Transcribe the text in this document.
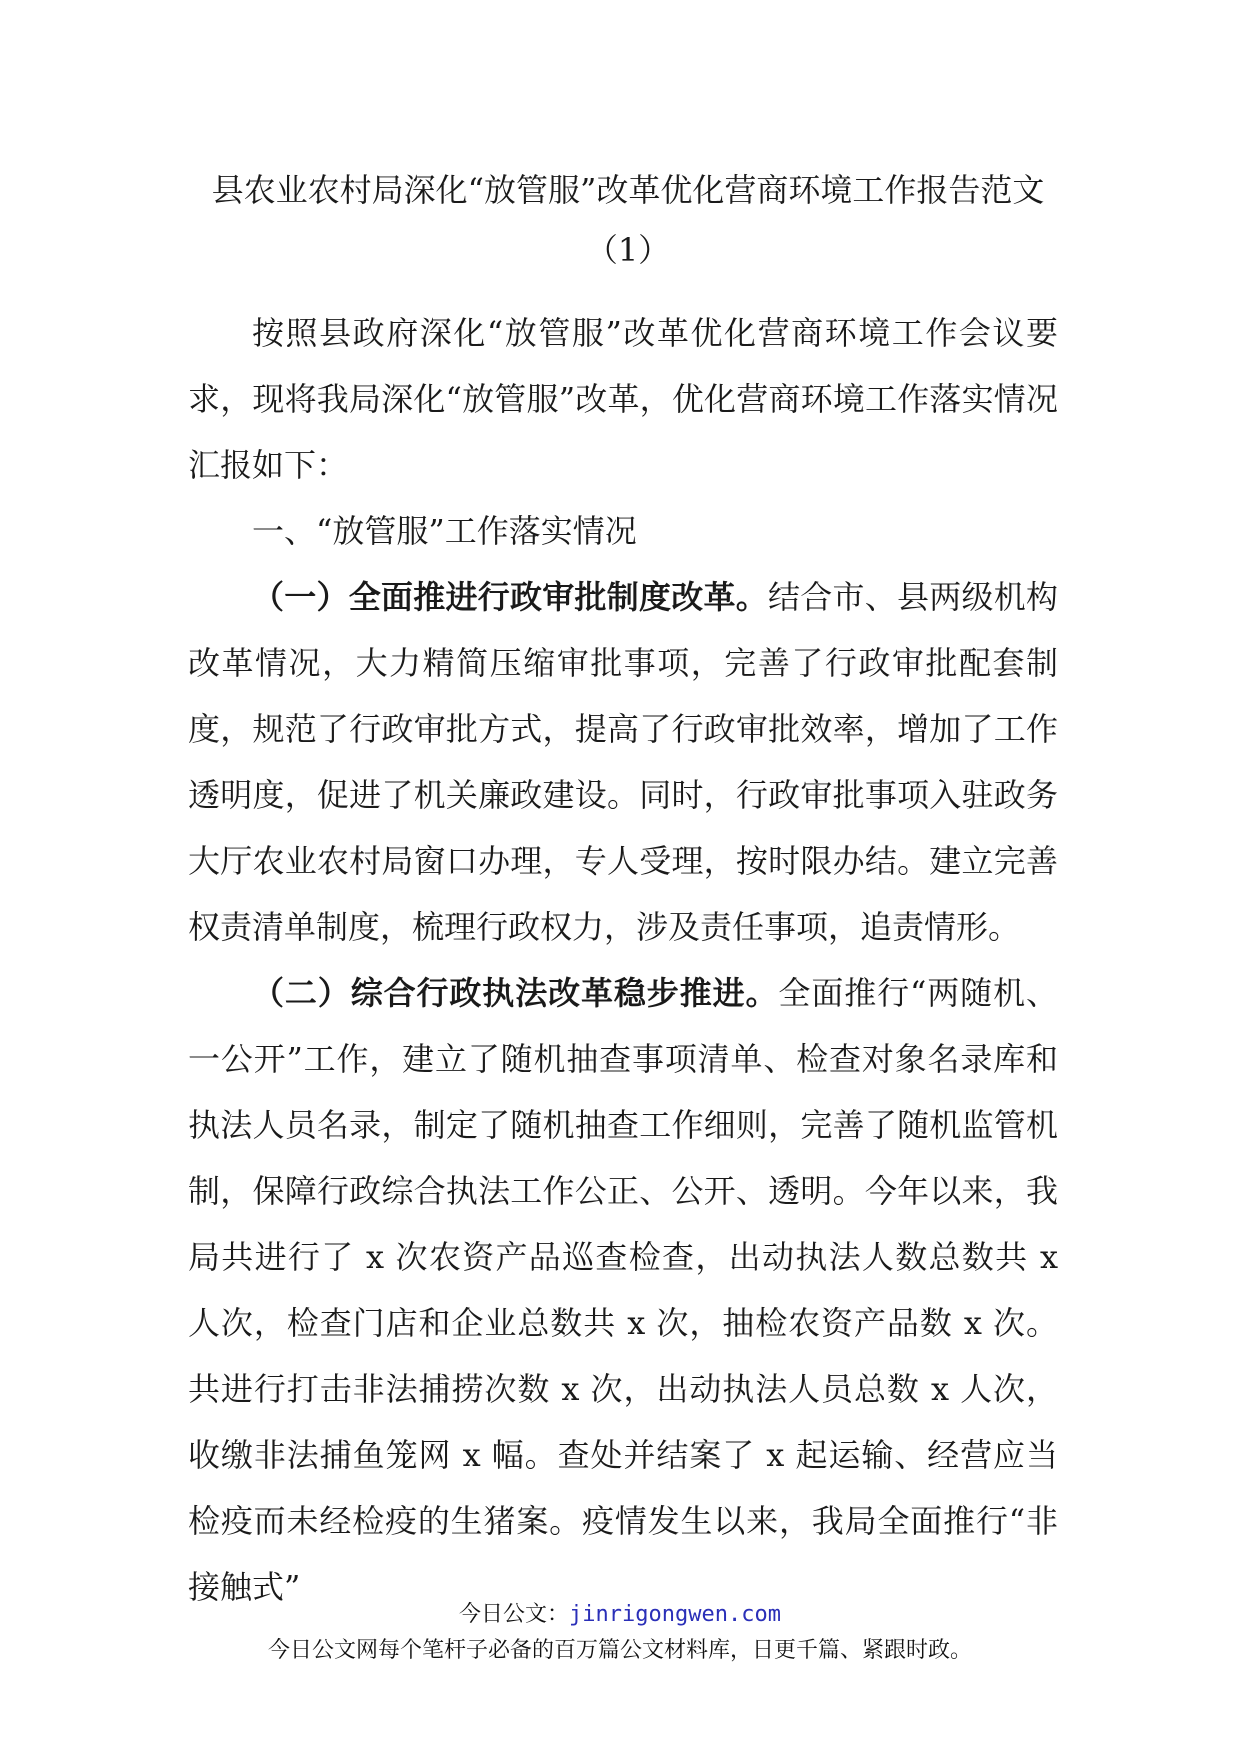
县农业农村局深化“放管服”改革优化营商环境工作报告范文
（1）

按照县政府深化“放管服”改革优化营商环境工作会议要求，现将我局深化“放管服”改革，优化营商环境工作落实情况汇报如下：

一、“放管服”工作落实情况

（一）全面推进行政审批制度改革。结合市、县两级机构改革情况，大力精简压缩审批事项，完善了行政审批配套制度，规范了行政审批方式，提高了行政审批效率，增加了工作透明度，促进了机关廉政建设。同时，行政审批事项入驻政务大厅农业农村局窗口办理，专人受理，按时限办结。建立完善权责清单制度，梳理行政权力，涉及责任事项，追责情形。

（二）综合行政执法改革稳步推进。全面推行“两随机、一公开”工作，建立了随机抽查事项清单、检查对象名录库和执法人员名录，制定了随机抽查工作细则，完善了随机监管机制，保障行政综合执法工作公正、公开、透明。今年以来，我局共进行了 x 次农资产品巡查检查，出动执法人数总数共 x 人次，检查门店和企业总数共 x 次，抽检农资产品数 x 次。共进行打击非法捕捞次数 x 次，出动执法人员总数 x 人次，收缴非法捕鱼笼网 x 幅。查处并结案了 x 起运输、经营应当检疫而未经检疫的生猪案。疫情发生以来，我局全面推行“非接触式”

今日公文：jinrigongwen.com
今日公文网每个笔杆子必备的百万篇公文材料库，日更千篇、紧跟时政。
